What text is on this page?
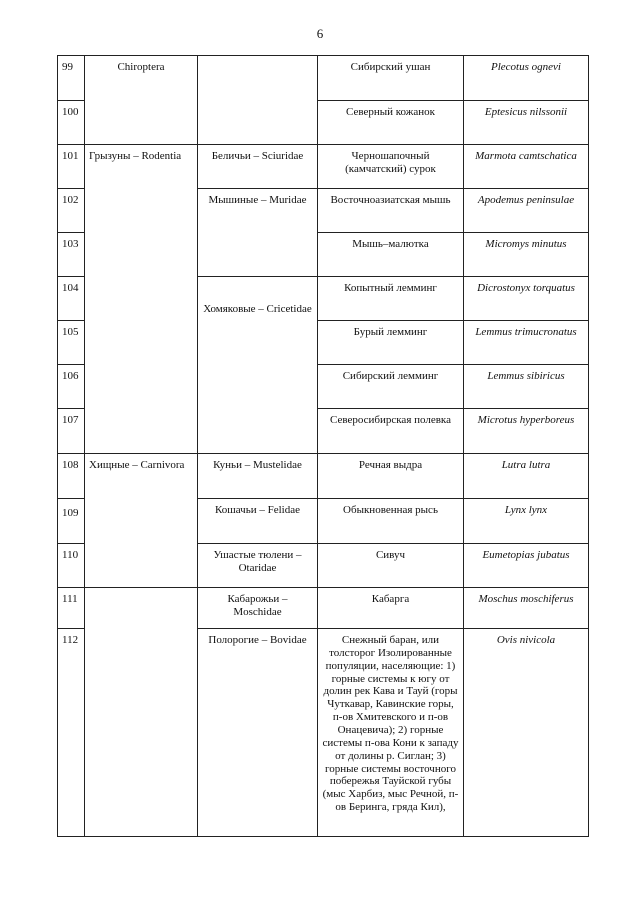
6
99	Chiroptera		Сибирский ушан	Plecotus ognevi
100			Северный кожанок	Eptesicus nilssonii
101	Грызуны – Rodentia	Беличьи – Sciuridae	Черношапочный (камчатский) сурок	Marmota camtschatica
102		Мышиные – Muridae	Восточноазиатская мышь	Apodemus peninsulae
103			Мышь–малютка	Micromys minutus
104		Хомяковые – Cricetidae	Копытный лемминг	Dicrostonyx torquatus
105			Бурый лемминг	Lemmus trimucronatus
106			Сибирский лемминг	Lemmus sibiricus
107			Северосибирская полевка	Microtus hyperboreus
108	Хищные – Carnivora	Куньи – Mustelidae	Речная выдра	Lutra lutra
109		Кошачьи – Felidae	Обыкновенная рысь	Lynx lynx
110		Ушастые тюлени – Otaridae	Сивуч	Eumetopias jubatus
111		Кабарожьи – Moschidae	Кабарга	Moschus moschiferus
112		Полорогие – Bovidae	Снежный баран, или толсторог Изолированные популяции, населяющие: 1) горные системы к югу от долин рек Кава и Тауй (горы Чуткавар, Кавинские горы, п-ов Хмитевского и п-ов Онацевича); 2) горные системы п-ова Кони к западу от долины р. Сиглан; 3) горные системы восточного побережья Тауйской губы (мыс Харбиз, мыс Речной, п-ов Беринга, гряда Кил),	Ovis nivicola
